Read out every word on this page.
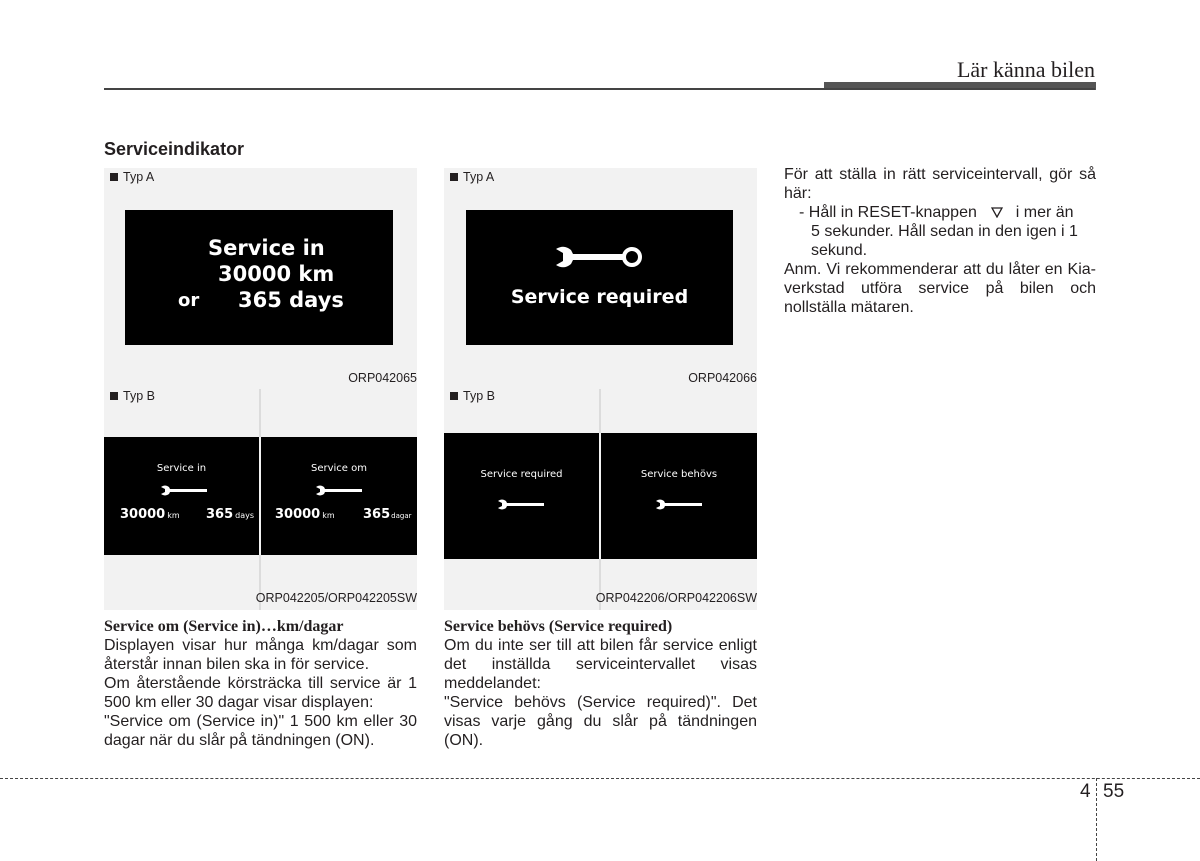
Lär känna bilen
Serviceindikator
Typ A
Service in
30000 km
or 365 days
ORP042065
Typ B
Service in
30000 km 365 days
Service om
30000 km 365dagar
ORP042205/ORP042205SW
Typ A
Service required
ORP042066
Typ B
Service required	Service behövs
ORP042206/ORP042206SW
Service om (Service in)…km/dagar
Displayen visar hur många km/dagar som återstår innan bilen ska in för service.
Om återstående körsträcka till service är 1 500 km eller 30 dagar visar displayen:
"Service om (Service in)" 1 500 km eller 30 dagar när du slår på tändningen (ON).
Service behövs (Service required)
Om du inte ser till att bilen får service enligt det inställda serviceintervallet visas meddelandet:
"Service behövs (Service required)". Det visas varje gång du slår på tändningen (ON).
För att ställa in rätt serviceintervall, gör så här:
- Håll in RESET-knappen i mer än
5 sekunder. Håll sedan in den igen i 1 sekund.
Anm. Vi rekommenderar att du låter en Kia-verkstad utföra service på bilen och nollställa mätaren.
4 55
